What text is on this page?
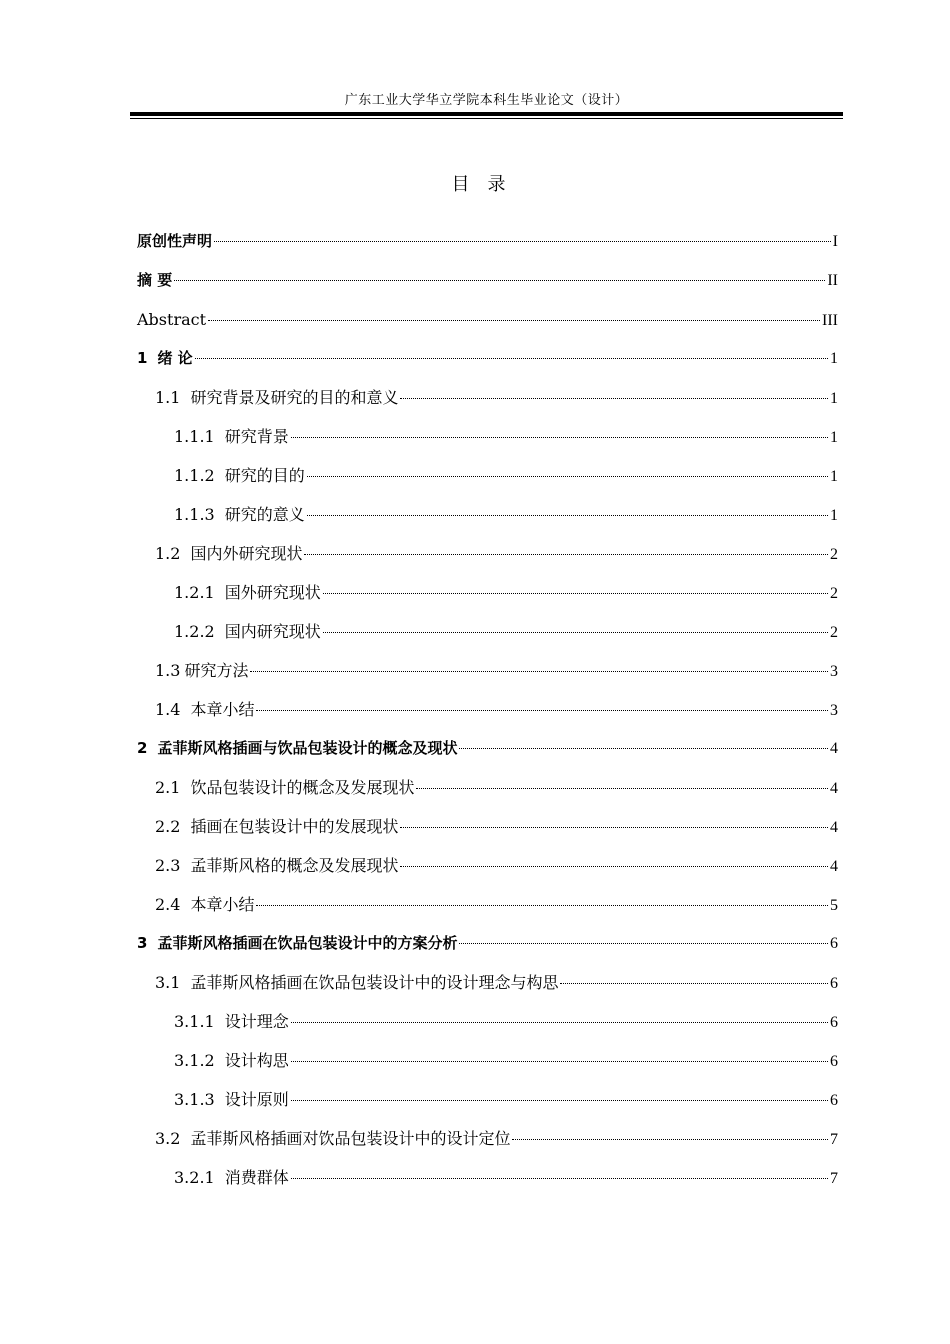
广东工业大学华立学院本科生毕业论文（设计）
目录
原创性声明	I
摘 要	II
Abstract	III
1 绪 论	1
1.1 研究背景及研究的目的和意义	1
1.1.1 研究背景	1
1.1.2 研究的目的	1
1.1.3 研究的意义	1
1.2 国内外研究现状	2
1.2.1 国外研究现状	2
1.2.2 国内研究现状	2
1.3 研究方法	3
1.4 本章小结	3
2 孟菲斯风格插画与饮品包装设计的概念及现状	4
2.1 饮品包装设计的概念及发展现状	4
2.2 插画在包装设计中的发展现状	4
2.3 孟菲斯风格的概念及发展现状	4
2.4 本章小结	5
3 孟菲斯风格插画在饮品包装设计中的方案分析	6
3.1 孟菲斯风格插画在饮品包装设计中的设计理念与构思	6
3.1.1 设计理念	6
3.1.2 设计构思	6
3.1.3 设计原则	6
3.2 孟菲斯风格插画对饮品包装设计中的设计定位	7
3.2.1 消费群体	7
